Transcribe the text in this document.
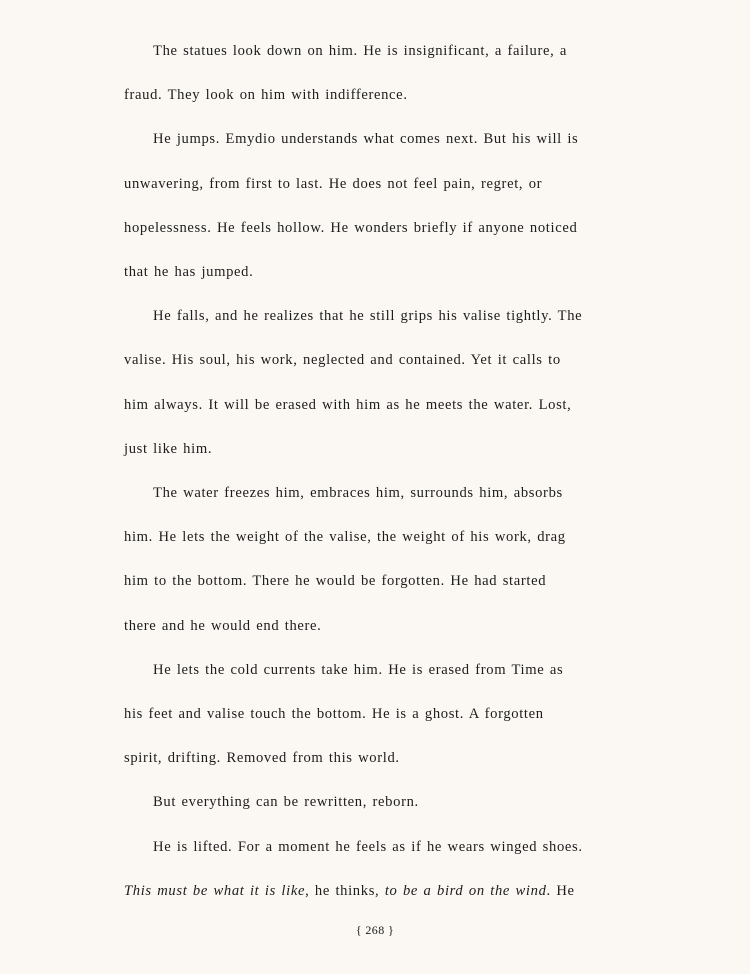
The statues look down on him. He is insignificant, a failure, a
fraud. They look on him with indifference.
He jumps. Emydio understands what comes next. But his will is
unwavering, from first to last. He does not feel pain, regret, or
hopelessness. He feels hollow. He wonders briefly if anyone noticed
that he has jumped.
He falls, and he realizes that he still grips his valise tightly. The
valise. His soul, his work, neglected and contained. Yet it calls to
him always. It will be erased with him as he meets the water. Lost,
just like him.
The water freezes him, embraces him, surrounds him, absorbs
him. He lets the weight of the valise, the weight of his work, drag
him to the bottom. There he would be forgotten. He had started
there and he would end there.
He lets the cold currents take him. He is erased from Time as
his feet and valise touch the bottom. He is a ghost. A forgotten
spirit, drifting. Removed from this world.
But everything can be rewritten, reborn.
He is lifted. For a moment he feels as if he wears winged shoes.
This must be what it is like, he thinks, to be a bird on the wind. He
{ 268 }
